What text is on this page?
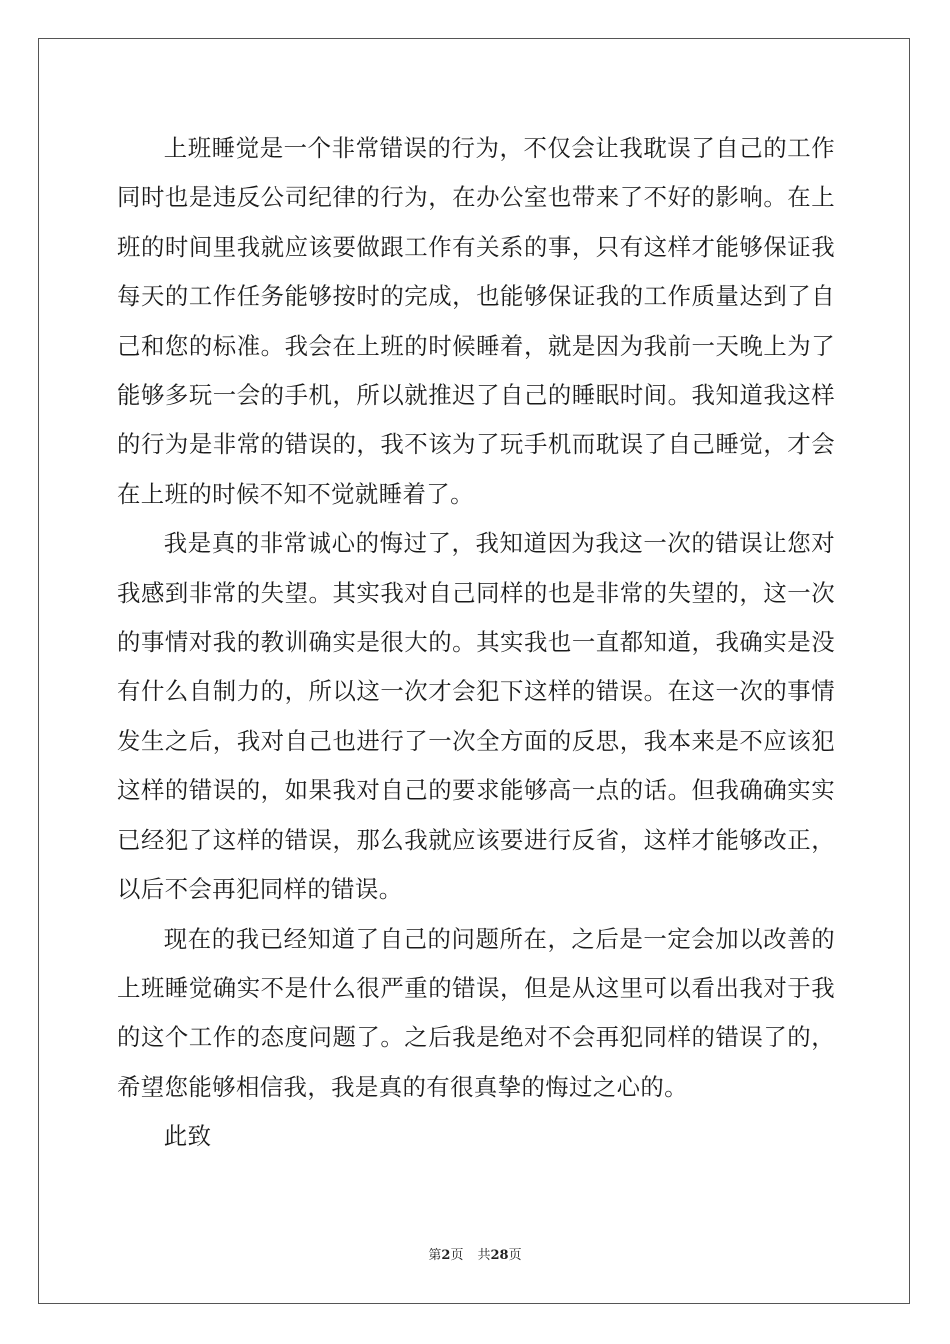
上班睡觉是一个非常错误的行为，不仅会让我耽误了自己的工作同时也是违反公司纪律的行为，在办公室也带来了不好的影响。在上班的时间里我就应该要做跟工作有关系的事，只有这样才能够保证我每天的工作任务能够按时的完成，也能够保证我的工作质量达到了自己和您的标准。我会在上班的时候睡着，就是因为我前一天晚上为了能够多玩一会的手机，所以就推迟了自己的睡眠时间。我知道我这样的行为是非常的错误的，我不该为了玩手机而耽误了自己睡觉，才会在上班的时候不知不觉就睡着了。

我是真的非常诚心的悔过了，我知道因为我这一次的错误让您对我感到非常的失望。其实我对自己同样的也是非常的失望的，这一次的事情对我的教训确实是很大的。其实我也一直都知道，我确实是没有什么自制力的，所以这一次才会犯下这样的错误。在这一次的事情发生之后，我对自己也进行了一次全方面的反思，我本来是不应该犯这样的错误的，如果我对自己的要求能够高一点的话。但我确确实实已经犯了这样的错误，那么我就应该要进行反省，这样才能够改正，以后不会再犯同样的错误。

现在的我已经知道了自己的问题所在，之后是一定会加以改善的上班睡觉确实不是什么很严重的错误，但是从这里可以看出我对于我的这个工作的态度问题了。之后我是绝对不会再犯同样的错误了的，希望您能够相信我，我是真的有很真挚的悔过之心的。

此致

第2页 共28页
